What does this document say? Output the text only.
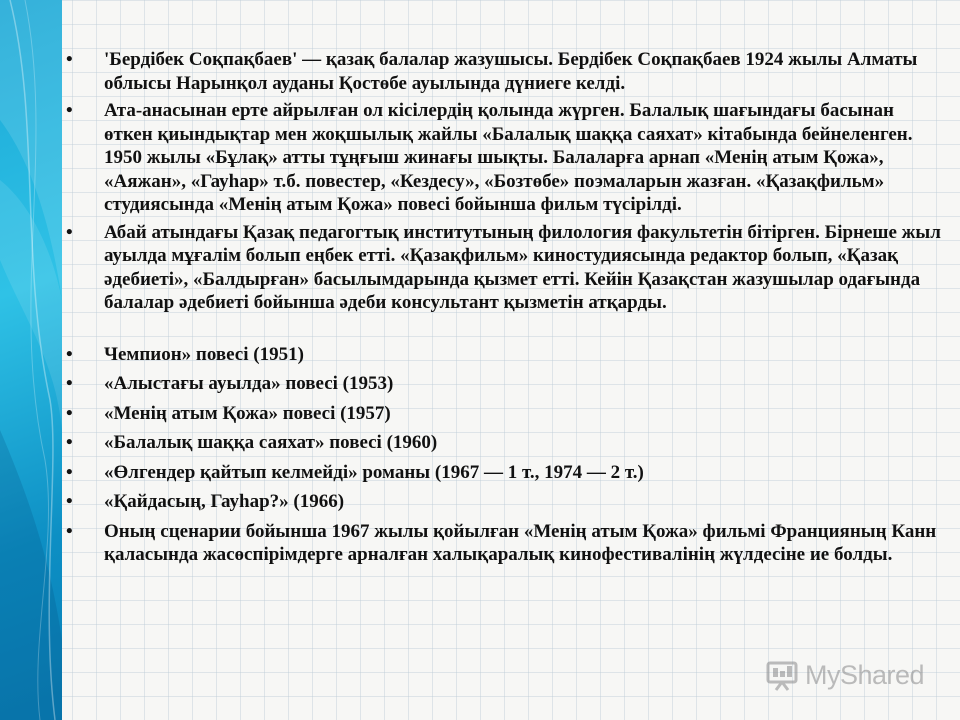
• 'Бердібек Соқпақбаев' — қазақ балалар жазушысы. Бердібек Соқпақбаев 1924 жылы Алматы облысы Нарынқол ауданы Қостөбе ауылында дүниеге келді.
• Ата-анасынан ерте айрылған ол кісілердің қолында жүрген. Балалық шағындағы басынан өткен қиындықтар мен жоқшылық жайлы «Балалық шаққа саяхат» кітабында бейнеленген. 1950 жылы «Бұлақ» атты тұңғыш жинағы шықты. Балаларға арнап «Менің атым Қожа», «Аяжан», «Гауһар» т.б. повестер, «Кездесу», «Бозтөбе» поэмаларын жазған. «Қазақфильм» студиясында «Менің атым Қожа» повесі бойынша фильм түсірілді.
• Абай атындағы Қазақ педагогтық институтының филология факультетін бітірген. Бірнеше жыл ауылда мұғалім болып еңбек етті. «Қазақфильм» киностудиясында редактор болып, «Қазақ әдебиеті», «Балдырған» басылымдарында қызмет етті. Кейін Қазақстан жазушылар одағында балалар әдебиеті бойынша әдеби консультант қызметін атқарды.
• Чемпион» повесі (1951)
• «Алыстағы ауылда» повесі (1953)
• «Менің атым Қожа» повесі (1957)
• «Балалық шаққа саяхат» повесі (1960)
• «Өлгендер қайтып келмейді» романы (1967 — 1 т., 1974 — 2 т.)
• «Қайдасың, Гауһар?» (1966)
• Оның сценарии бойынша 1967 жылы қойылған «Менің атым Қожа» фильмі Францияның Канн қаласында жасөспірімдерге арналған халықаралық кинофестивалінің жүлдесіне ие болды.
MyShared
